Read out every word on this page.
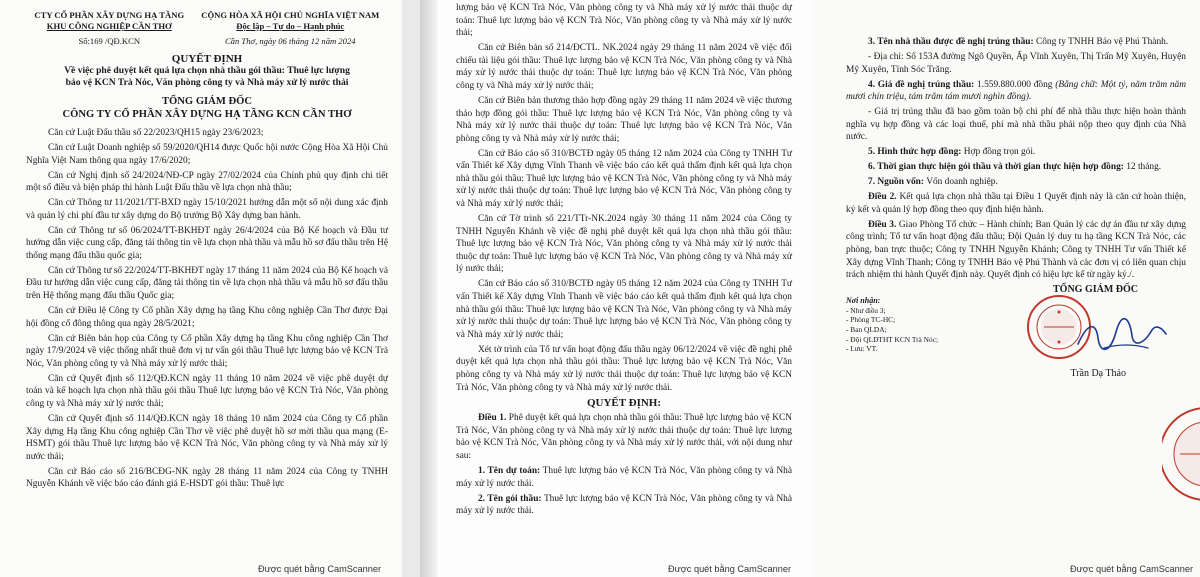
CTY CỔ PHẦN XÂY DỰNG HẠ TẦNG
KHU CÔNG NGHIỆP CẦN THƠ
Số:169 /QĐ.KCN
CỘNG HÒA XÃ HỘI CHỦ NGHĨA VIỆT NAM
Độc lập – Tự do – Hạnh phúc
Cần Thơ, ngày 06 tháng 12 năm 2024
QUYẾT ĐỊNH
Về việc phê duyệt kết quả lựa chọn nhà thầu gói thầu: Thuê lực lượng
bảo vệ KCN Trà Nóc, Văn phòng công ty và Nhà máy xử lý nước thải
TỔNG GIÁM ĐỐC
CÔNG TY CỔ PHẦN XÂY DỰNG HẠ TẦNG KCN CẦN THƠ

Căn cứ Luật Đấu thầu số 22/2023/QH15 ngày 23/6/2023;

Căn cứ Luật Doanh nghiệp số 59/2020/QH14 được Quốc hội nước Cộng Hòa Xã Hội Chủ Nghĩa Việt Nam thông qua ngày 17/6/2020;

Căn cứ Nghị định số 24/2024/NĐ-CP ngày 27/02/2024 của Chính phủ quy định chi tiết một số điều và biện pháp thi hành Luật Đấu thầu về lựa chọn nhà thầu;

Căn cứ Thông tư 11/2021/TT-BXD ngày 15/10/2021 hướng dẫn một số nội dung xác định và quản lý chi phí đầu tư xây dựng do Bộ trưởng Bộ Xây dựng ban hành.

Căn cứ Thông tư số 06/2024/TT-BKHĐT ngày 26/4/2024 của Bộ Kế hoạch và Đầu tư hướng dẫn việc cung cấp, đăng tải thông tin về lựa chọn nhà thầu và mẫu hồ sơ đấu thầu trên Hệ thống mạng đấu thầu quốc gia;

Căn cứ Thông tư số 22/2024/TT-BKHĐT ngày 17 tháng 11 năm 2024 của Bộ Kế hoạch và Đầu tư hướng dẫn việc cung cấp, đăng tải thông tin về lựa chọn nhà thầu và mẫu hồ sơ đấu thầu trên Hệ thống mạng đấu thầu Quốc gia;

Căn cứ Điều lệ Công ty Cổ phần Xây dựng hạ tầng Khu công nghiệp Cần Thơ được Đại hội đồng cổ đông thông qua ngày 28/5/2021;

Căn cứ Biên bản họp của Công ty Cổ phần Xây dựng hạ tầng Khu công nghiệp Cần Thơ ngày 17/9/2024 về việc thống nhất thuê đơn vị tư vấn gói thầu Thuê lực lượng bảo vệ KCN Trà Nóc, Văn phòng công ty và Nhà máy xử lý nước thải;

Căn cứ Quyết định số 112/QĐ.KCN ngày 11 tháng 10 năm 2024 về việc phê duyệt dự toán và kế hoạch lựa chọn nhà thầu gói thầu Thuê lực lượng bảo vệ KCN Trà Nóc, Văn phòng công ty và Nhà máy xử lý nước thải;

Căn cứ Quyết định số 114/QĐ.KCN ngày 18 tháng 10 năm 2024 của Công ty Cổ phần Xây dựng Hạ tầng Khu công nghiệp Cần Thơ về việc phê duyệt hồ sơ mời thầu qua mạng (E-HSMT) gói thầu Thuê lực lượng bảo vệ KCN Trà Nóc, Văn phòng công ty và Nhà máy xử lý nước thải;

Căn cứ Báo cáo số 216/BCĐG-NK ngày 28 tháng 11 năm 2024 của Công ty TNHH Nguyễn Khánh về việc báo cáo đánh giá E-HSDT gói thầu: Thuê lực

Được quét bằng CamScanner

lượng bảo vệ KCN Trà Nóc, Văn phòng công ty và Nhà máy xử lý nước thải thuộc dự toán: Thuê lực lượng bảo vệ KCN Trà Nóc, Văn phòng công ty và Nhà máy xử lý nước thải;

Căn cứ Biên bản số 214/ĐCTL. NK.2024 ngày 29 tháng 11 năm 2024 về việc đối chiếu tài liệu gói thầu: Thuê lực lượng bảo vệ KCN Trà Nóc, Văn phòng công ty và Nhà máy xử lý nước thải thuộc dự toán: Thuê lực lượng bảo vệ KCN Trà Nóc, Văn phòng công ty và Nhà máy xử lý nước thải;

Căn cứ Biên bản thương thảo hợp đồng ngày 29 tháng 11 năm 2024 về việc thương thảo hợp đồng gói thầu: Thuê lực lượng bảo vệ KCN Trà Nóc, Văn phòng công ty và Nhà máy xử lý nước thải thuộc dự toán: Thuê lực lượng bảo vệ KCN Trà Nóc, Văn phòng công ty và Nhà máy xử lý nước thải;

Căn cứ Báo cáo số 310/BCTĐ ngày 05 tháng 12 năm 2024 của Công ty TNHH Tư vấn Thiết kế Xây dựng Vĩnh Thanh về việc báo cáo kết quả thẩm định kết quả lựa chọn nhà thầu gói thầu: Thuê lực lượng bảo vệ KCN Trà Nóc, Văn phòng công ty và Nhà máy xử lý nước thải thuộc dự toán: Thuê lực lượng bảo vệ KCN Trà Nóc, Văn phòng công ty và Nhà máy xử lý nước thải;

Căn cứ Tờ trình số 221/TTr-NK.2024 ngày 30 tháng 11 năm 2024 của Công ty TNHH Nguyễn Khánh về việc đề nghị phê duyệt kết quả lựa chọn nhà thầu gói thầu: Thuê lực lượng bảo vệ KCN Trà Nóc, Văn phòng công ty và Nhà máy xử lý nước thải thuộc dự toán: Thuê lực lượng bảo vệ KCN Trà Nóc, Văn phòng công ty và Nhà máy xử lý nước thải;

Căn cứ Báo cáo số 310/BCTĐ ngày 05 tháng 12 năm 2024 của Công ty TNHH Tư vấn Thiết kế Xây dựng Vĩnh Thanh về việc báo cáo kết quả thẩm định kết quả lựa chọn nhà thầu gói thầu: Thuê lực lượng bảo vệ KCN Trà Nóc, Văn phòng công ty và Nhà máy xử lý nước thải thuộc dự toán: Thuê lực lượng bảo vệ KCN Trà Nóc, Văn phòng công ty và Nhà máy xử lý nước thải;

Xét tờ trình của Tổ tư vấn hoạt động đấu thầu ngày 06/12/2024 về việc đề nghị phê duyệt kết quả lựa chọn nhà thầu gói thầu: Thuê lực lượng bảo vệ KCN Trà Nóc, Văn phòng công ty và Nhà máy xử lý nước thải thuộc dự toán: Thuê lực lượng bảo vệ KCN Trà Nóc, Văn phòng công ty và Nhà máy xử lý nước thải.

QUYẾT ĐỊNH:

Điều 1. Phê duyệt kết quả lựa chọn nhà thầu gói thầu: Thuê lực lượng bảo vệ KCN Trà Nóc, Văn phòng công ty và Nhà máy xử lý nước thải thuộc dự toán: Thuê lực lượng bảo vệ KCN Trà Nóc, Văn phòng công ty và Nhà máy xử lý nước thải, với nội dung như sau:

1. Tên dự toán: Thuê lực lượng bảo vệ KCN Trà Nóc, Văn phòng công ty và Nhà máy xử lý nước thải.

2. Tên gói thầu: Thuê lực lượng bảo vệ KCN Trà Nóc, Văn phòng công ty và Nhà máy xử lý nước thải.

Được quét bằng CamScanner

3. Tên nhà thầu được đề nghị trúng thầu: Công ty TNHH Bảo vệ Phú Thành.

- Địa chỉ: Số 153A đường Ngô Quyền, Ấp Vĩnh Xuyên, Thị Trấn Mỹ Xuyên, Huyện Mỹ Xuyên, Tỉnh Sóc Trăng.

4. Giá đề nghị trúng thầu: 1.559.880.000 đồng (Bằng chữ: Một tỷ, năm trăm năm mươi chín triệu, tám trăm tám mươi nghìn đồng).

- Giá trị trúng thầu đã bao gồm toàn bộ chi phí để nhà thầu thực hiện hoàn thành nghĩa vụ hợp đồng và các loại thuế, phí mà nhà thầu phải nộp theo quy định của Nhà nước.

5. Hình thức hợp đồng: Hợp đồng trọn gói.

6. Thời gian thực hiện gói thầu và thời gian thực hiện hợp đồng: 12 tháng.

7. Nguồn vốn: Vốn doanh nghiệp.

Điều 2. Kết quả lựa chọn nhà thầu tại Điều 1 Quyết định này là căn cứ hoàn thiện, ký kết và quản lý hợp đồng theo quy định hiện hành.

Điều 3. Giao Phòng Tổ chức – Hành chính; Ban Quản lý các dự án đầu tư xây dựng công trình; Tổ tư vấn hoạt động đấu thầu; Đội Quản lý duy tu hạ tầng KCN Trà Nóc, các phòng, ban trực thuộc; Công ty TNHH Nguyễn Khánh; Công ty TNHH Tư vấn Thiết kế Xây dựng Vĩnh Thanh; Công ty TNHH Bảo vệ Phú Thành và các đơn vị có liên quan chịu trách nhiệm thi hành Quyết định này. Quyết định có hiệu lực kể từ ngày ký./.

Nơi nhận:
- Như điều 3;
- Phòng TC-HC;
- Ban QLDA;
- Đội QLDTHT KCN Trà Nóc;
- Lưu: VT.
TỔNG GIÁM ĐỐC
Trần Dạ Thảo
Được quét bằng CamScanner
